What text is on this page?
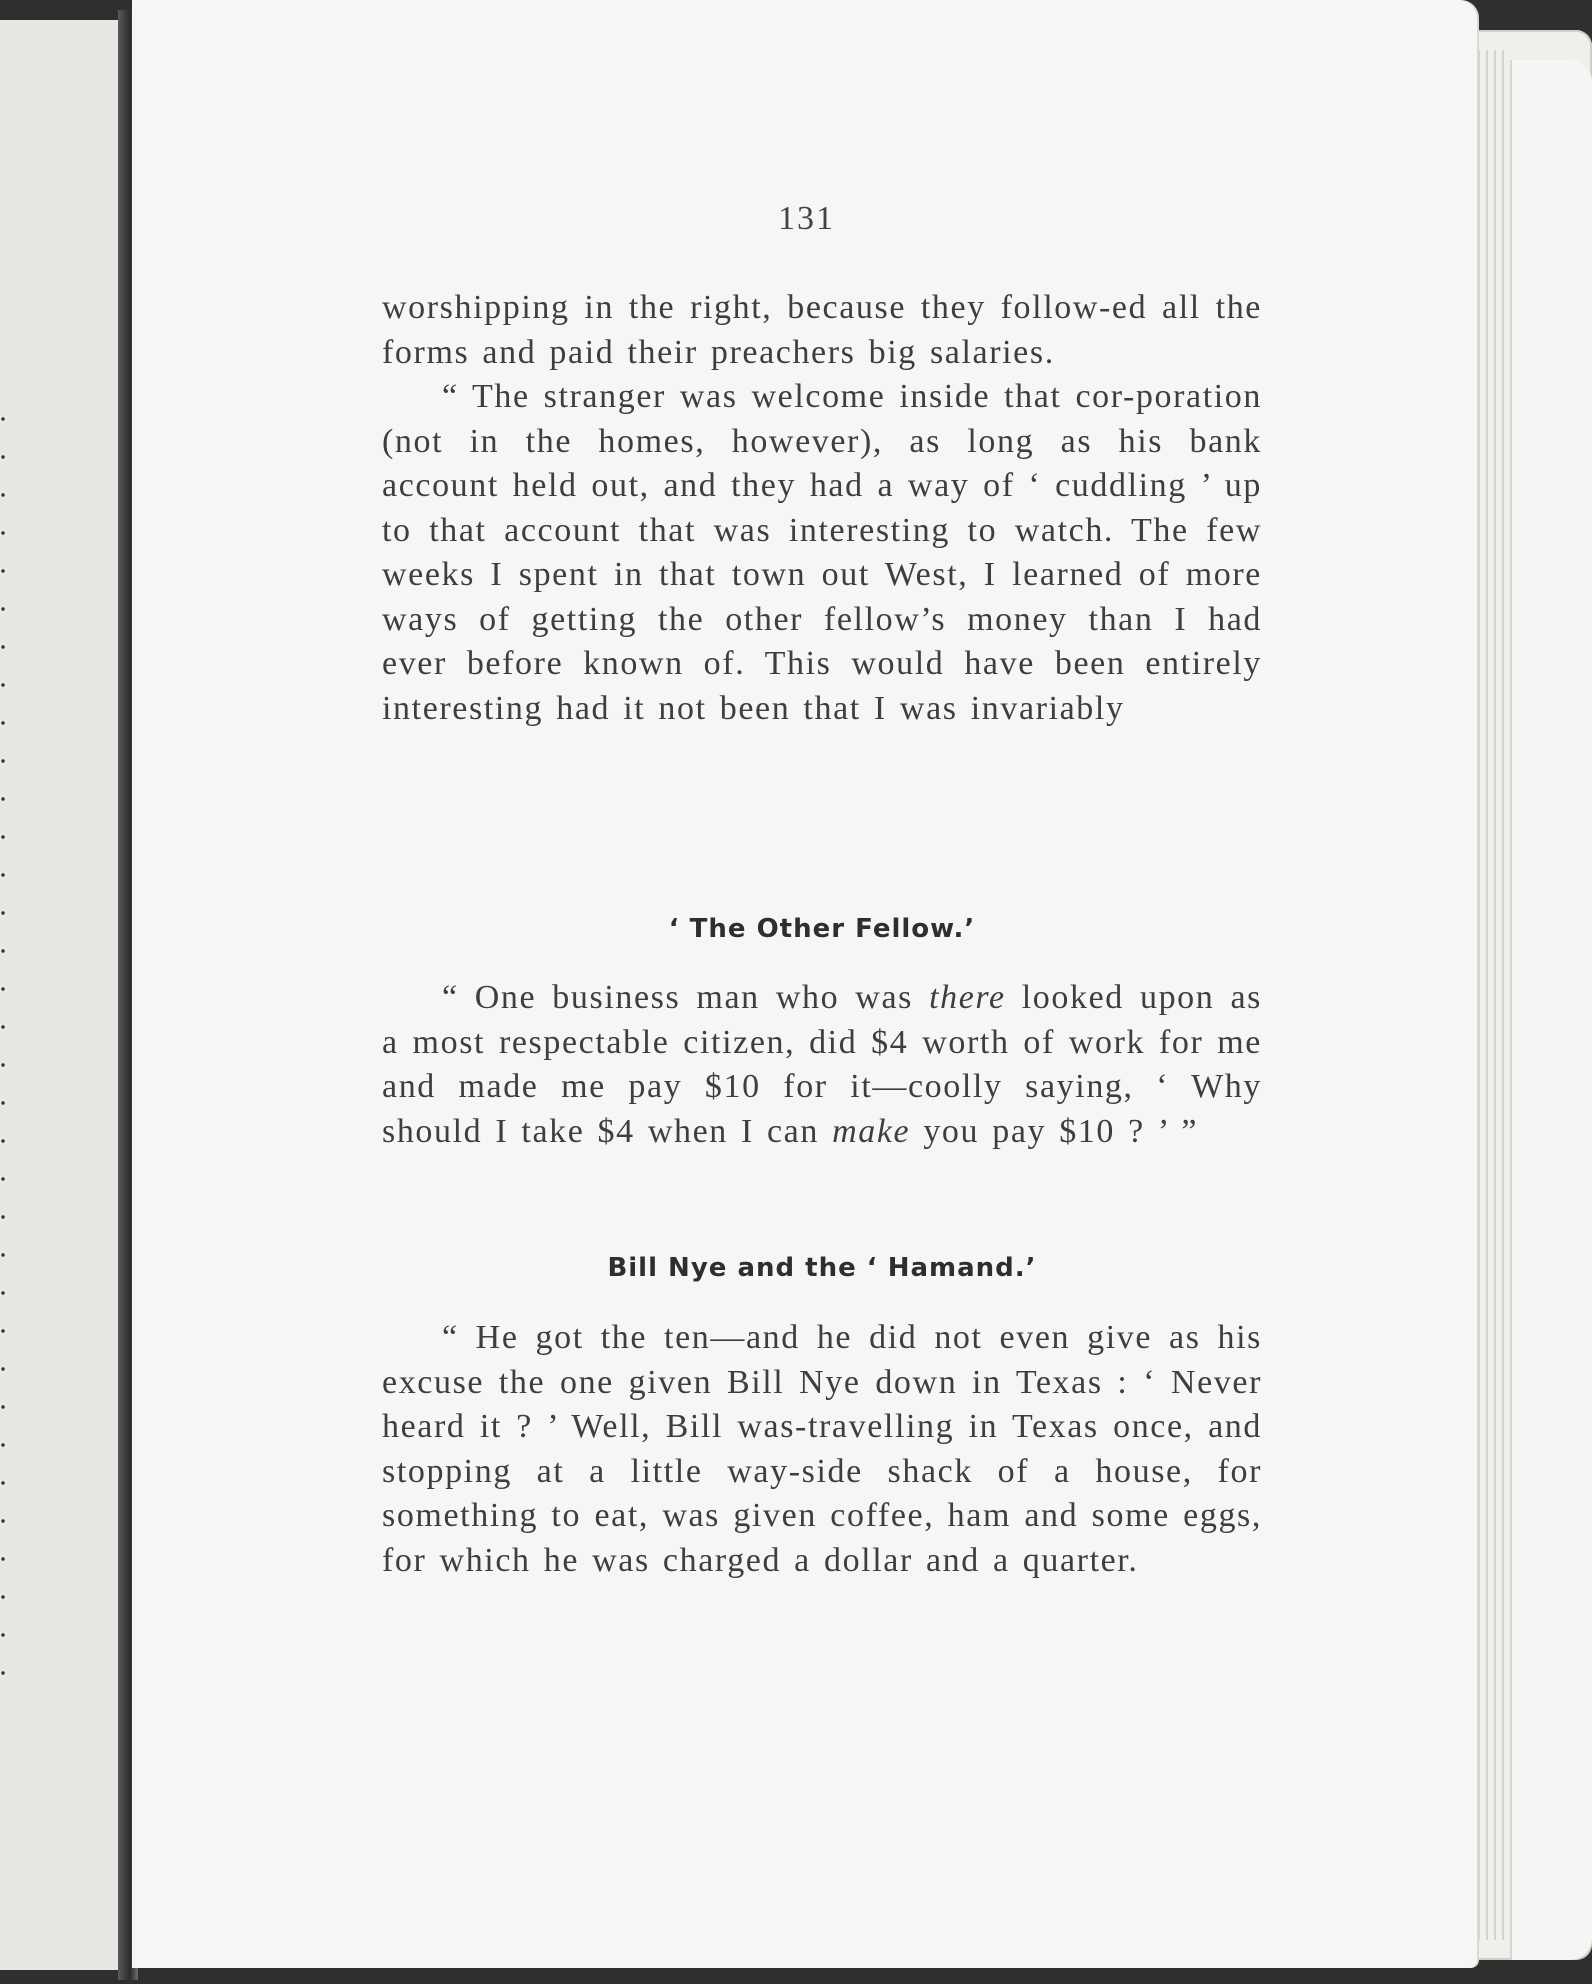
131

worshipping in the right, because they follow-ed all the forms and paid their preachers big salaries.

“ The stranger was welcome inside that cor-poration (not in the homes, however), as long as his bank account held out, and they had a way of ‘ cuddling ’ up to that account that was interesting to watch. The few weeks I spent in that town out West, I learned of more ways of getting the other fellow’s money than I had ever before known of. This would have been entirely interesting had it not been that I was invariably

‘ The Other Fellow.’

“ One business man who was there looked upon as a most respectable citizen, did $4 worth of work for me and made me pay $10 for it—coolly saying, ‘ Why should I take $4 when I can make you pay $10 ? ’ ”

Bill Nye and the ‘ Hamand.’

“ He got the ten—and he did not even give as his excuse the one given Bill Nye down in Texas : ‘ Never heard it ? ’ Well, Bill was-travelling in Texas once, and stopping at a little way-side shack of a house, for something to eat, was given coffee, ham and some eggs, for which he was charged a dollar and a quarter.
